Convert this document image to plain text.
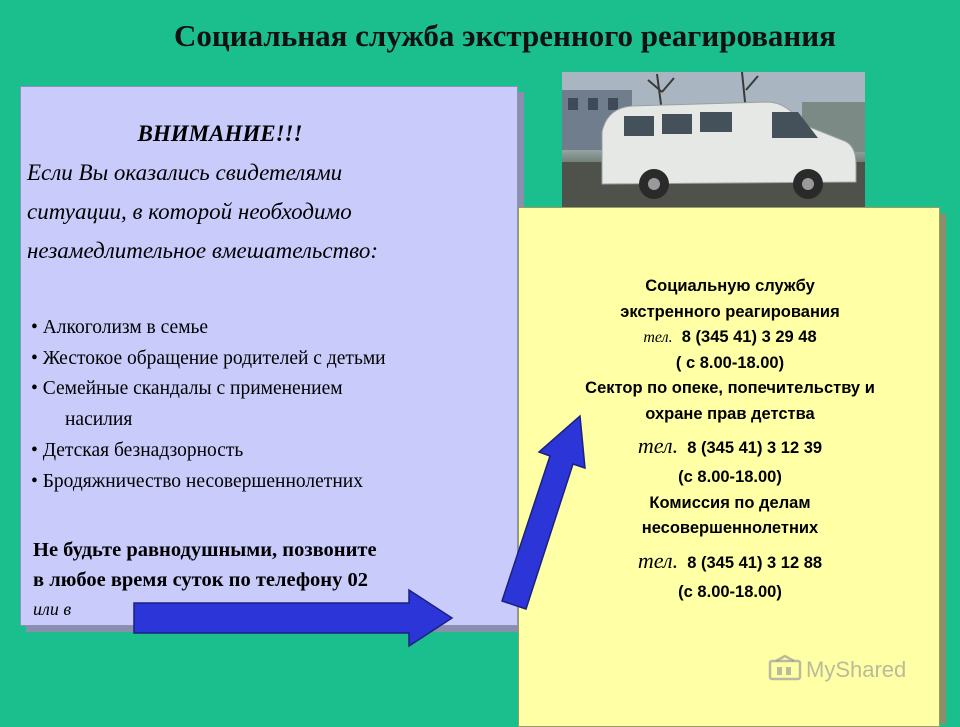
Социальная служба экстренного реагирования
ВНИМАНИЕ!!!
Если Вы оказались свидетелями
ситуации, в которой необходимо
незамедлительное вмешательство:
• Алкоголизм в семье
• Жестокое обращение родителей с детьми
• Семейные скандалы с применением
насилия
• Детская безнадзорность
• Бродяжничество несовершеннолетних
Не будьте равнодушными, позвоните
в любое время суток по телефону 02
или в
Социальную службу
экстренного реагирования
тел. 8 (345 41) 3 29 48
( с 8.00-18.00)
Сектор по опеке, попечительству и
охране прав детства
тел. 8 (345 41) 3 12 39
(с 8.00-18.00)
Комиссия по делам
несовершеннолетних
тел. 8 (345 41) 3 12 88
(с 8.00-18.00)
MyShared
